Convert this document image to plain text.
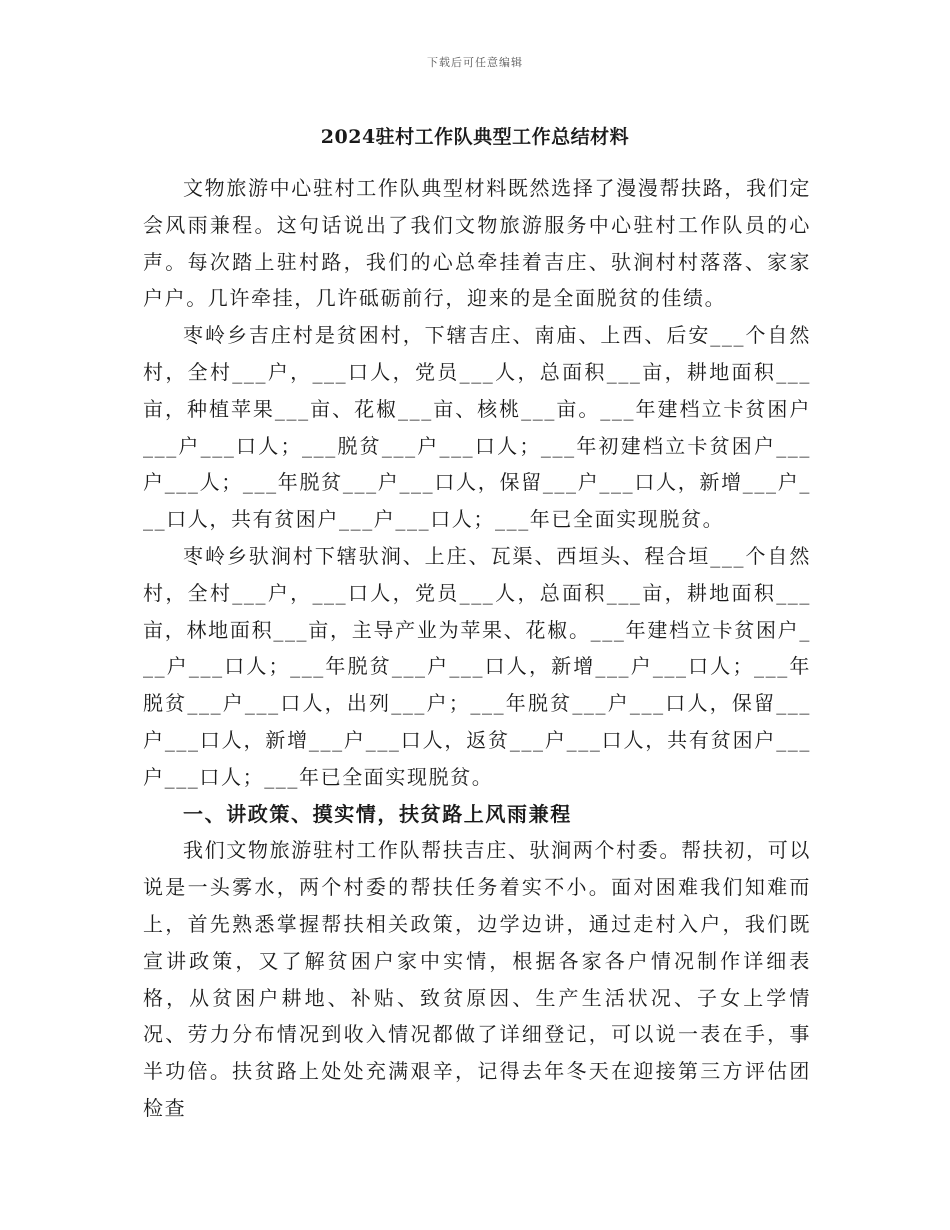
下载后可任意编辑
2024驻村工作队典型工作总结材料

文物旅游中心驻村工作队典型材料既然选择了漫漫帮扶路，我们定会风雨兼程。这句话说出了我们文物旅游服务中心驻村工作队员的心声。每次踏上驻村路，我们的心总牵挂着吉庄、驮涧村村落落、家家户户。几许牵挂，几许砥砺前行，迎来的是全面脱贫的佳绩。

枣岭乡吉庄村是贫困村，下辖吉庄、南庙、上西、后安___个自然村，全村___户，___口人，党员___人，总面积___亩，耕地面积___亩，种植苹果___亩、花椒___亩、核桃___亩。___年建档立卡贫困户___户___口人；___脱贫___户___口人；___年初建档立卡贫困户___户___人；___年脱贫___户___口人，保留___户___口人，新增___户___口人，共有贫困户___户___口人；___年已全面实现脱贫。

枣岭乡驮涧村下辖驮涧、上庄、瓦渠、西垣头、程合垣___个自然村，全村___户，___口人，党员___人，总面积___亩，耕地面积___亩，林地面积___亩，主导产业为苹果、花椒。___年建档立卡贫困户___户___口人；___年脱贫___户___口人，新增___户___口人；___年脱贫___户___口人，出列___户；___年脱贫___户___口人，保留___户___口人，新增___户___口人，返贫___户___口人，共有贫困户___户___口人；___年已全面实现脱贫。

一、讲政策、摸实情，扶贫路上风雨兼程

我们文物旅游驻村工作队帮扶吉庄、驮涧两个村委。帮扶初，可以说是一头雾水，两个村委的帮扶任务着实不小。面对困难我们知难而上，首先熟悉掌握帮扶相关政策，边学边讲，通过走村入户，我们既宣讲政策，又了解贫困户家中实情，根据各家各户情况制作详细表格，从贫困户耕地、补贴、致贫原因、生产生活状况、子女上学情况、劳力分布情况到收入情况都做了详细登记，可以说一表在手，事半功倍。扶贫路上处处充满艰辛，记得去年冬天在迎接第三方评估团检查
